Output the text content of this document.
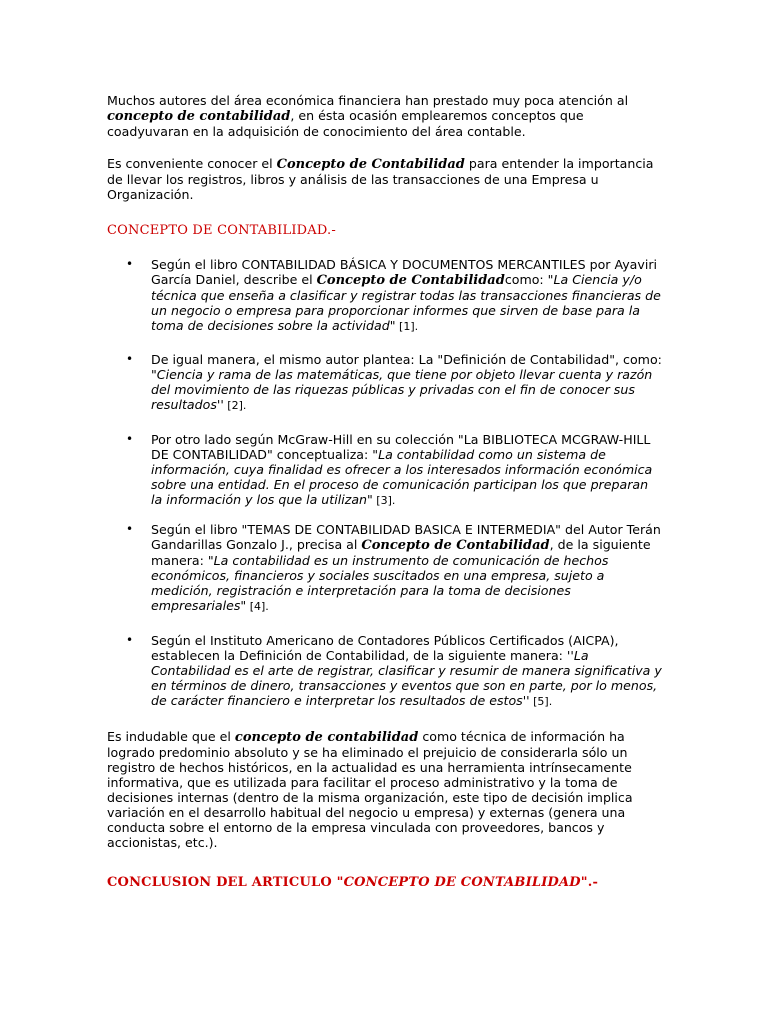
Muchos autores del área económica financiera han prestado muy poca atención al concepto de contabilidad, en ésta ocasión emplearemos conceptos que coadyuvaran en la adquisición de conocimiento del área contable.

Es conveniente conocer el Concepto de Contabilidad para entender la importancia de llevar los registros, libros y análisis de las transacciones de una Empresa u Organización.

CONCEPTO DE CONTABILIDAD.-

• Según el libro CONTABILIDAD BÁSICA Y DOCUMENTOS MERCANTILES por Ayaviri García Daniel, describe el Concepto de Contabilidadcomo: "La Ciencia y/o técnica que enseña a clasificar y registrar todas las transacciones financieras de un negocio o empresa para proporcionar informes que sirven de base para la toma de decisiones sobre la actividad" [1].

• De igual manera, el mismo autor plantea: La "Definición de Contabilidad", como: "Ciencia y rama de las matemáticas, que tiene por objeto llevar cuenta y razón del movimiento de las riquezas públicas y privadas con el fin de conocer sus resultados'' [2].

• Por otro lado según McGraw-Hill en su colección "La BIBLIOTECA MCGRAW-HILL DE CONTABILIDAD" conceptualiza: "La contabilidad como un sistema de información, cuya finalidad es ofrecer a los interesados información económica sobre una entidad. En el proceso de comunicación participan los que preparan la información y los que la utilizan" [3].

• Según el libro "TEMAS DE CONTABILIDAD BASICA E INTERMEDIA" del Autor Terán Gandarillas Gonzalo J., precisa al Concepto de Contabilidad, de la siguiente manera: "La contabilidad es un instrumento de comunicación de hechos económicos, financieros y sociales suscitados en una empresa, sujeto a medición, registración e interpretación para la toma de decisiones empresariales" [4].

• Según el Instituto Americano de Contadores Públicos Certificados (AICPA), establecen la Definición de Contabilidad, de la siguiente manera: ''La Contabilidad es el arte de registrar, clasificar y resumir de manera significativa y en términos de dinero, transacciones y eventos que son en parte, por lo menos, de carácter financiero e interpretar los resultados de estos'' [5].

Es indudable que el concepto de contabilidad como técnica de información ha logrado predominio absoluto y se ha eliminado el prejuicio de considerarla sólo un registro de hechos históricos, en la actualidad es una herramienta intrínsecamente informativa, que es utilizada para facilitar el proceso administrativo y la toma de decisiones internas (dentro de la misma organización, este tipo de decisión implica variación en el desarrollo habitual del negocio u empresa) y externas (genera una conducta sobre el entorno de la empresa vinculada con proveedores, bancos y accionistas, etc.).

CONCLUSION DEL ARTICULO "CONCEPTO DE CONTABILIDAD".-
